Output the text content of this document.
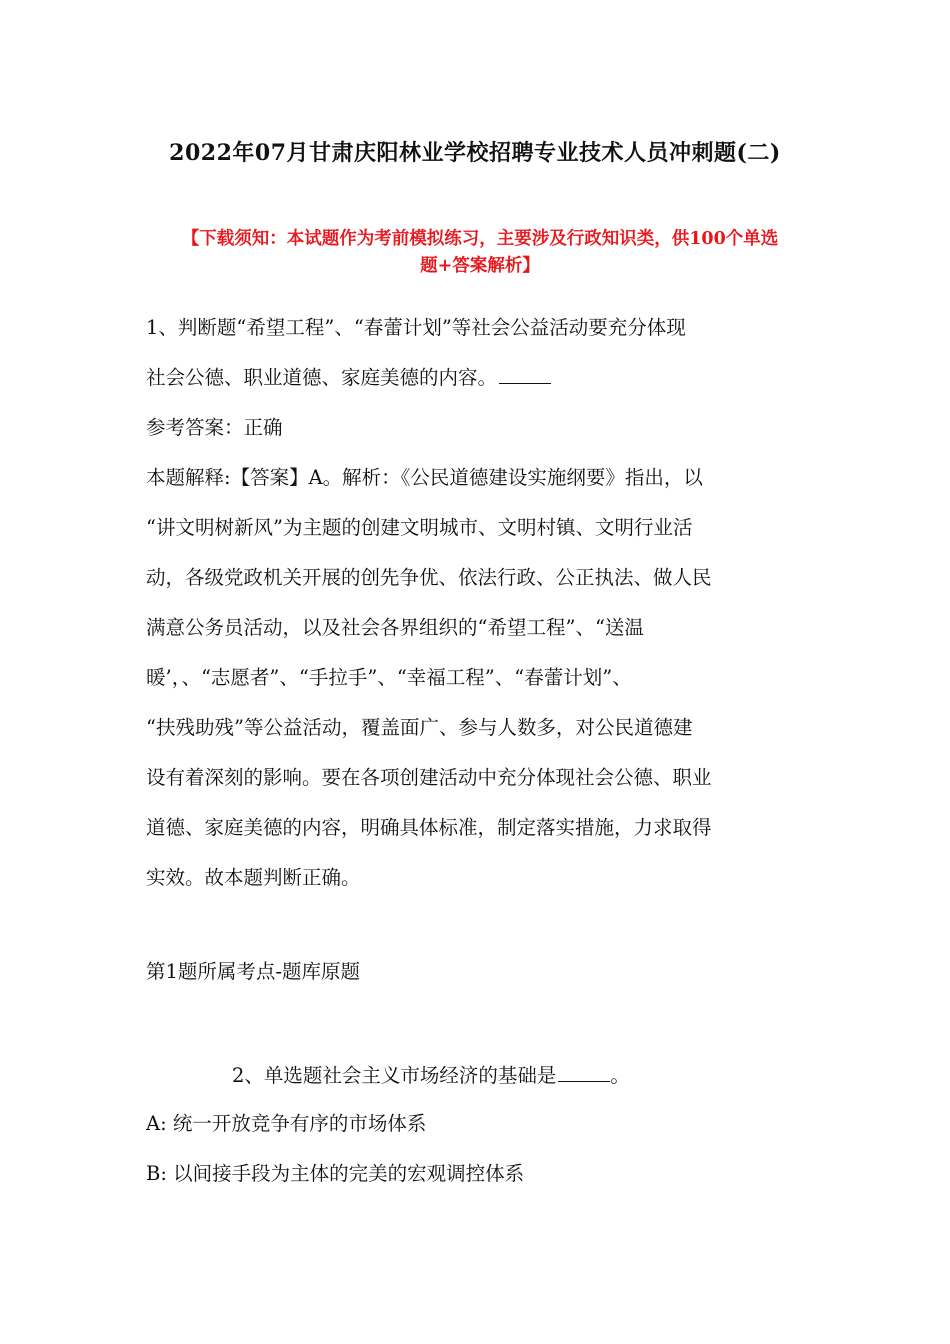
2022年07月甘肃庆阳林业学校招聘专业技术人员冲刺题(二)
【下载须知：本试题作为考前模拟练习，主要涉及行政知识类，供100个单选
题+答案解析】
1、判断题“希望工程”、“春蕾计划”等社会公益活动要充分体现
社会公德、职业道德、家庭美德的内容。
参考答案：正确
本题解释:【答案】A。解析：《公民道德建设实施纲要》指出，以
“讲文明树新风”为主题的创建文明城市、文明村镇、文明行业活
动，各级党政机关开展的创先争优、依法行政、公正执法、做人民
满意公务员活动，以及社会各界组织的“希望工程”、“送温
暖’，、“志愿者”、“手拉手”、“幸福工程”、“春蕾计划”、
“扶残助残”等公益活动，覆盖面广、参与人数多，对公民道德建
设有着深刻的影响。要在各项创建活动中充分体现社会公德、职业
道德、家庭美德的内容，明确具体标准，制定落实措施，力求取得
实效。故本题判断正确。
第1题所属考点-题库原题
2、单选题社会主义市场经济的基础是	。
A: 统一开放竞争有序的市场体系
B: 以间接手段为主体的完美的宏观调控体系
